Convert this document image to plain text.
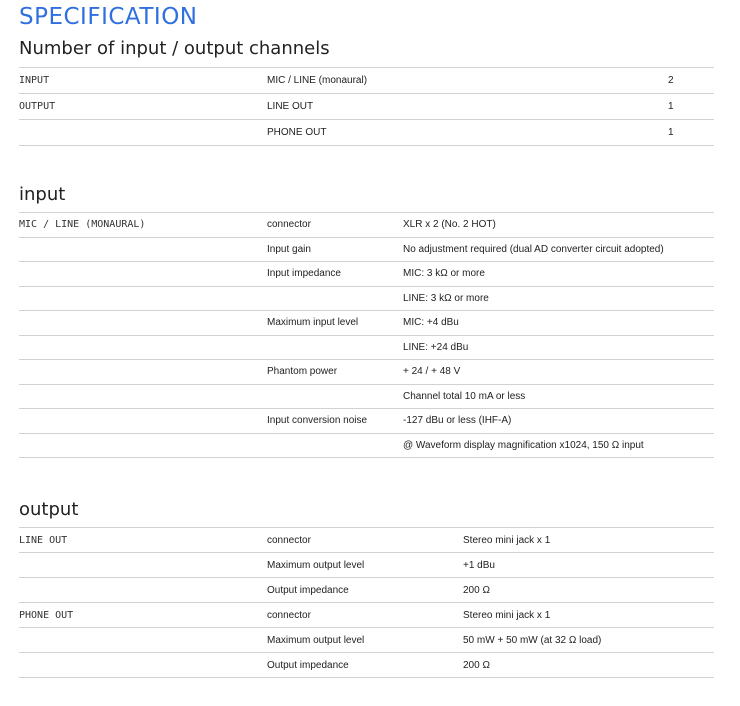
SPECIFICATION
Number of input / output channels
INPUT	MIC / LINE (monaural)	2
OUTPUT	LINE OUT	1
	PHONE OUT	1
input
MIC / LINE (MONAURAL)	connector	XLR x 2 (No. 2 HOT)
	Input gain	No adjustment required (dual AD converter circuit adopted)
	Input impedance	MIC: 3 kΩ or more
		LINE: 3 kΩ or more
	Maximum input level	MIC: +4 dBu
		LINE: +24 dBu
	Phantom power	+ 24 / + 48 V
		Channel total 10 mA or less
	Input conversion noise	-127 dBu or less (IHF-A)
		@ Waveform display magnification x1024, 150 Ω input
output
LINE OUT	connector	Stereo mini jack x 1
	Maximum output level	+1 dBu
	Output impedance	200 Ω
PHONE OUT	connector	Stereo mini jack x 1
	Maximum output level	50 mW + 50 mW (at 32 Ω load)
	Output impedance	200 Ω
